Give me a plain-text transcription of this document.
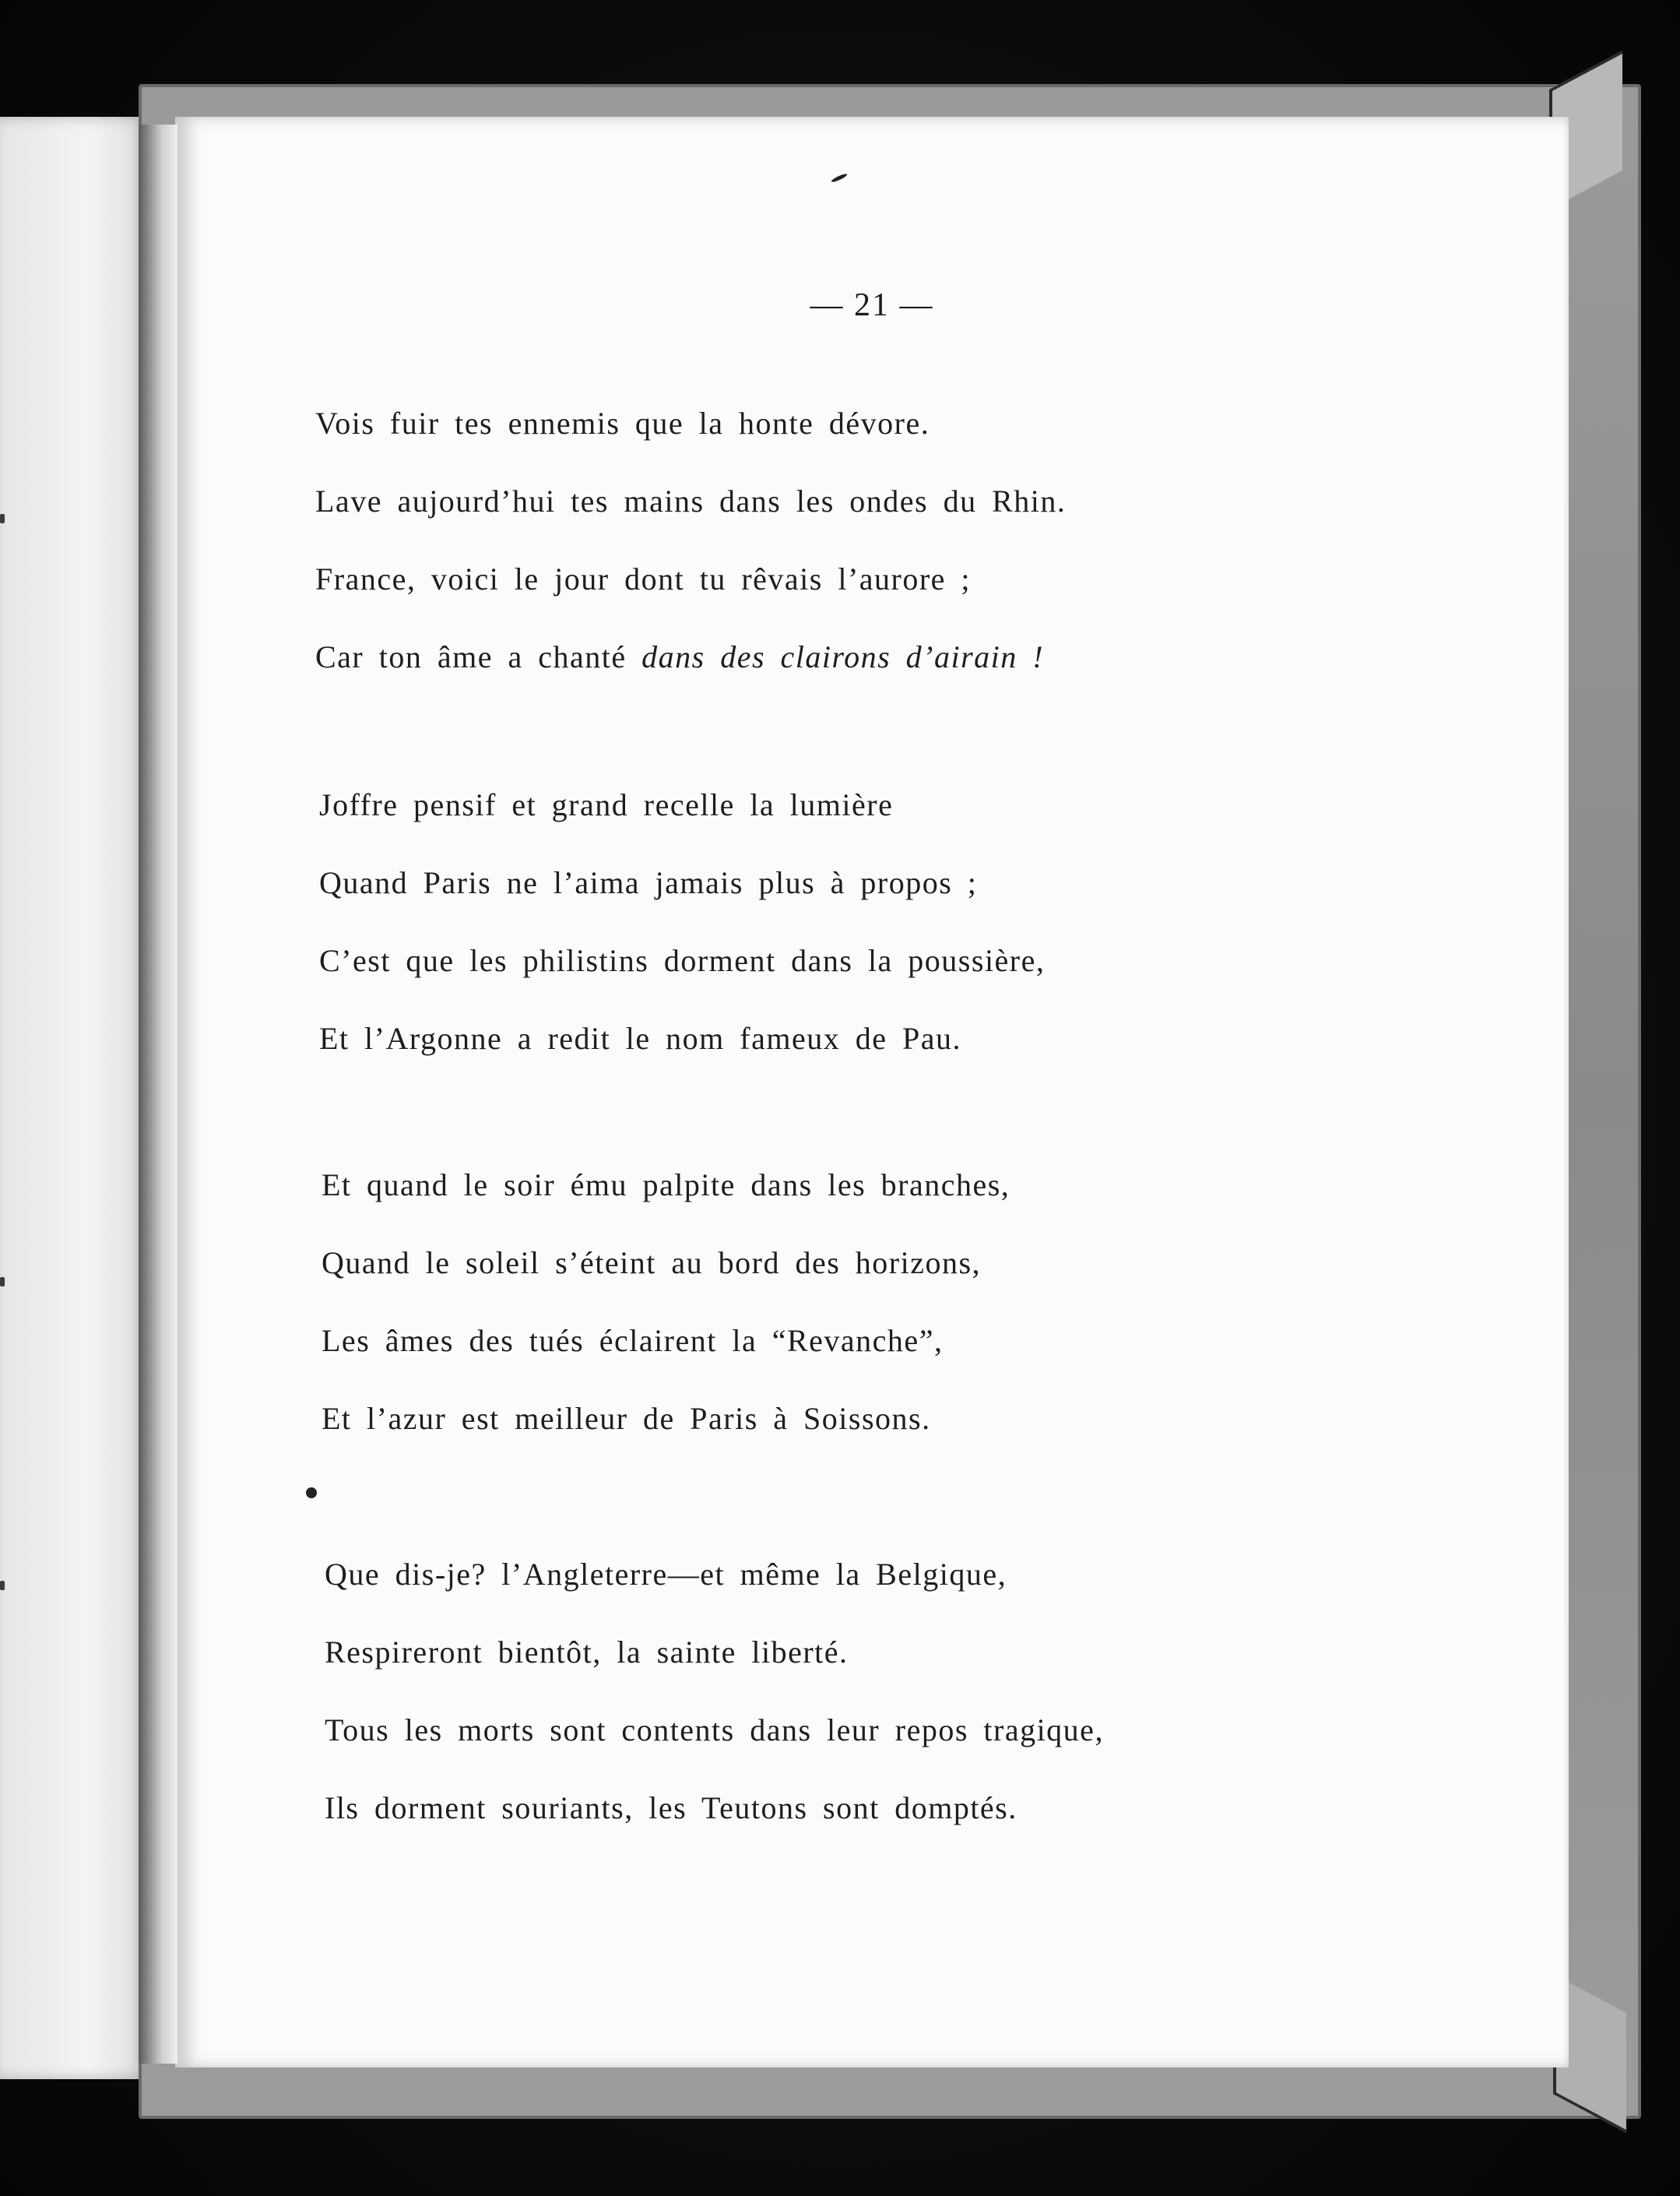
— 21 —
Vois fuir tes ennemis que la honte dévore.
Lave aujourd’hui tes mains dans les ondes du Rhin.
France, voici le jour dont tu rêvais l’aurore ;
Car ton âme a chanté dans des clairons d’airain !
Joffre pensif et grand recelle la lumière
Quand Paris ne l’aima jamais plus à propos ;
C’est que les philistins dorment dans la poussière,
Et l’Argonne a redit le nom fameux de Pau.
Et quand le soir ému palpite dans les branches,
Quand le soleil s’éteint au bord des horizons,
Les âmes des tués éclairent la “Revanche”,
Et l’azur est meilleur de Paris à Soissons.
Que dis-je? l’Angleterre—et même la Belgique,
Respireront bientôt, la sainte liberté.
Tous les morts sont contents dans leur repos tragique,
Ils dorment souriants, les Teutons sont domptés.
